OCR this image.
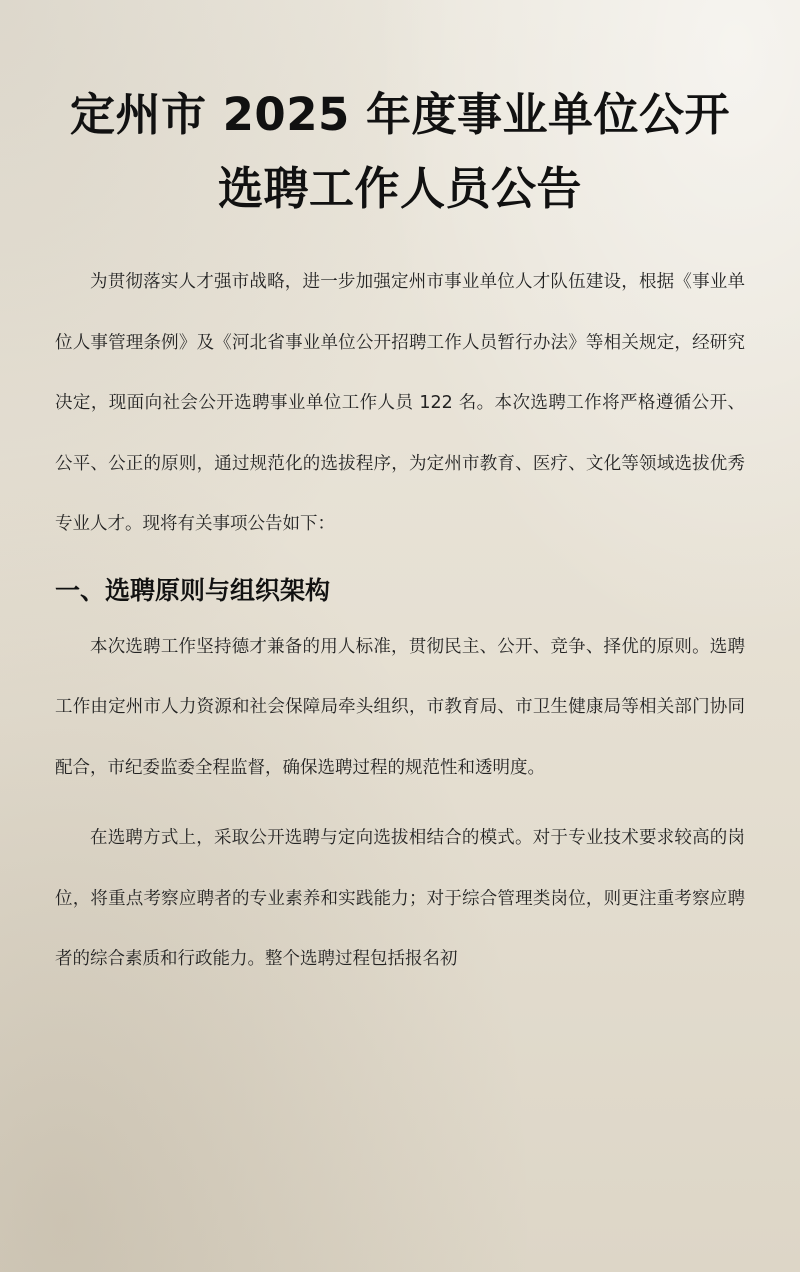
定州市 2025 年度事业单位公开选聘工作人员公告

为贯彻落实人才强市战略，进一步加强定州市事业单位人才队伍建设，根据《事业单位人事管理条例》及《河北省事业单位公开招聘工作人员暂行办法》等相关规定，经研究决定，现面向社会公开选聘事业单位工作人员 122 名。本次选聘工作将严格遵循公开、公平、公正的原则，通过规范化的选拔程序，为定州市教育、医疗、文化等领域选拔优秀专业人才。现将有关事项公告如下：

一、选聘原则与组织架构

本次选聘工作坚持德才兼备的用人标准，贯彻民主、公开、竞争、择优的原则。选聘工作由定州市人力资源和社会保障局牵头组织，市教育局、市卫生健康局等相关部门协同配合，市纪委监委全程监督，确保选聘过程的规范性和透明度。

在选聘方式上，采取公开选聘与定向选拔相结合的模式。对于专业技术要求较高的岗位，将重点考察应聘者的专业素养和实践能力；对于综合管理类岗位，则更注重考察应聘者的综合素质和行政能力。整个选聘过程包括报名初
